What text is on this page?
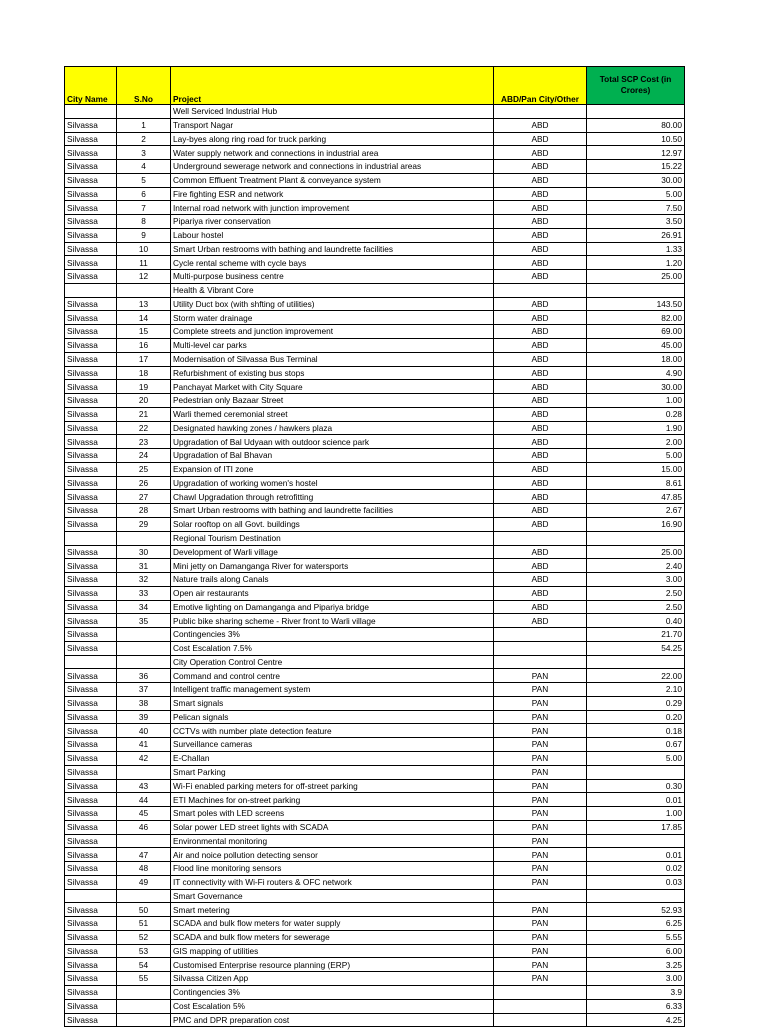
City Name	S.No	Project	ABD/Pan City/Other	Total SCP Cost (in Crores)
		Well Serviced Industrial Hub		
Silvassa	1	Transport Nagar	ABD	80.00
Silvassa	2	Lay-byes along ring road for truck parking	ABD	10.50
Silvassa	3	Water supply network and connections in industrial area	ABD	12.97
Silvassa	4	Underground sewerage network and connections in industrial areas	ABD	15.22
Silvassa	5	Common Effluent Treatment Plant & conveyance system	ABD	30.00
Silvassa	6	Fire fighting ESR and network	ABD	5.00
Silvassa	7	Internal road network with junction improvement	ABD	7.50
Silvassa	8	Pipariya river conservation	ABD	3.50
Silvassa	9	Labour hostel	ABD	26.91
Silvassa	10	Smart Urban restrooms with bathing and laundrette facilities	ABD	1.33
Silvassa	11	Cycle rental scheme with cycle bays	ABD	1.20
Silvassa	12	Multi-purpose business centre	ABD	25.00
		Health & Vibrant Core		
Silvassa	13	Utility Duct box (with shfting of utilities)	ABD	143.50
Silvassa	14	Storm water drainage	ABD	82.00
Silvassa	15	Complete streets and junction improvement	ABD	69.00
Silvassa	16	Multi-level car parks	ABD	45.00
Silvassa	17	Modernisation of Silvassa Bus Terminal	ABD	18.00
Silvassa	18	Refurbishment of existing bus stops	ABD	4.90
Silvassa	19	Panchayat Market with City Square	ABD	30.00
Silvassa	20	Pedestrian only Bazaar Street	ABD	1.00
Silvassa	21	Warli themed ceremonial street	ABD	0.28
Silvassa	22	Designated hawking zones / hawkers plaza	ABD	1.90
Silvassa	23	Upgradation of Bal Udyaan with outdoor science park	ABD	2.00
Silvassa	24	Upgradation of Bal Bhavan	ABD	5.00
Silvassa	25	Expansion of ITI zone	ABD	15.00
Silvassa	26	Upgradation of working women's hostel	ABD	8.61
Silvassa	27	Chawl Upgradation through retrofitting	ABD	47.85
Silvassa	28	Smart Urban restrooms with bathing and laundrette facilities	ABD	2.67
Silvassa	29	Solar rooftop on all Govt. buildings	ABD	16.90
		Regional Tourism Destination		
Silvassa	30	Development of Warli village	ABD	25.00
Silvassa	31	Mini jetty on Damanganga River for watersports	ABD	2.40
Silvassa	32	Nature trails along Canals	ABD	3.00
Silvassa	33	Open air restaurants	ABD	2.50
Silvassa	34	Emotive lighting on Damanganga and Pipariya bridge	ABD	2.50
Silvassa	35	Public bike sharing scheme - River front to Warli village	ABD	0.40
Silvassa		Contingencies 3%		21.70
Silvassa		Cost Escalation 7.5%		54.25
		City Operation Control Centre		
Silvassa	36	Command and control centre	PAN	22.00
Silvassa	37	Intelligent traffic management system	PAN	2.10
Silvassa	38	Smart signals	PAN	0.29
Silvassa	39	Pelican signals	PAN	0.20
Silvassa	40	CCTVs with number plate detection feature	PAN	0.18
Silvassa	41	Surveillance cameras	PAN	0.67
Silvassa	42	E-Challan	PAN	5.00
Silvassa		Smart Parking	PAN	
Silvassa	43	Wi-Fi enabled parking meters for off-street parking	PAN	0.30
Silvassa	44	ETI Machines for on-street parking	PAN	0.01
Silvassa	45	Smart poles with LED screens	PAN	1.00
Silvassa	46	Solar power LED street lights with SCADA	PAN	17.85
Silvassa		Environmental monitoring	PAN	
Silvassa	47	Air and noice pollution detecting sensor	PAN	0.01
Silvassa	48	Flood line monitoring sensors	PAN	0.02
Silvassa	49	IT connectivity with Wi-Fi routers & OFC network	PAN	0.03
		Smart Governance		
Silvassa	50	Smart metering	PAN	52.93
Silvassa	51	SCADA and bulk flow meters for water supply	PAN	6.25
Silvassa	52	SCADA and bulk flow meters for sewerage	PAN	5.55
Silvassa	53	GIS mapping of utilities	PAN	6.00
Silvassa	54	Customised Enterprise resource planning (ERP)	PAN	3.25
Silvassa	55	Silvassa Citizen App	PAN	3.00
Silvassa		Contingencies 3%		3.9
Silvassa		Cost Escalation 5%		6.33
Silvassa		PMC and DPR preparation cost		4.25
